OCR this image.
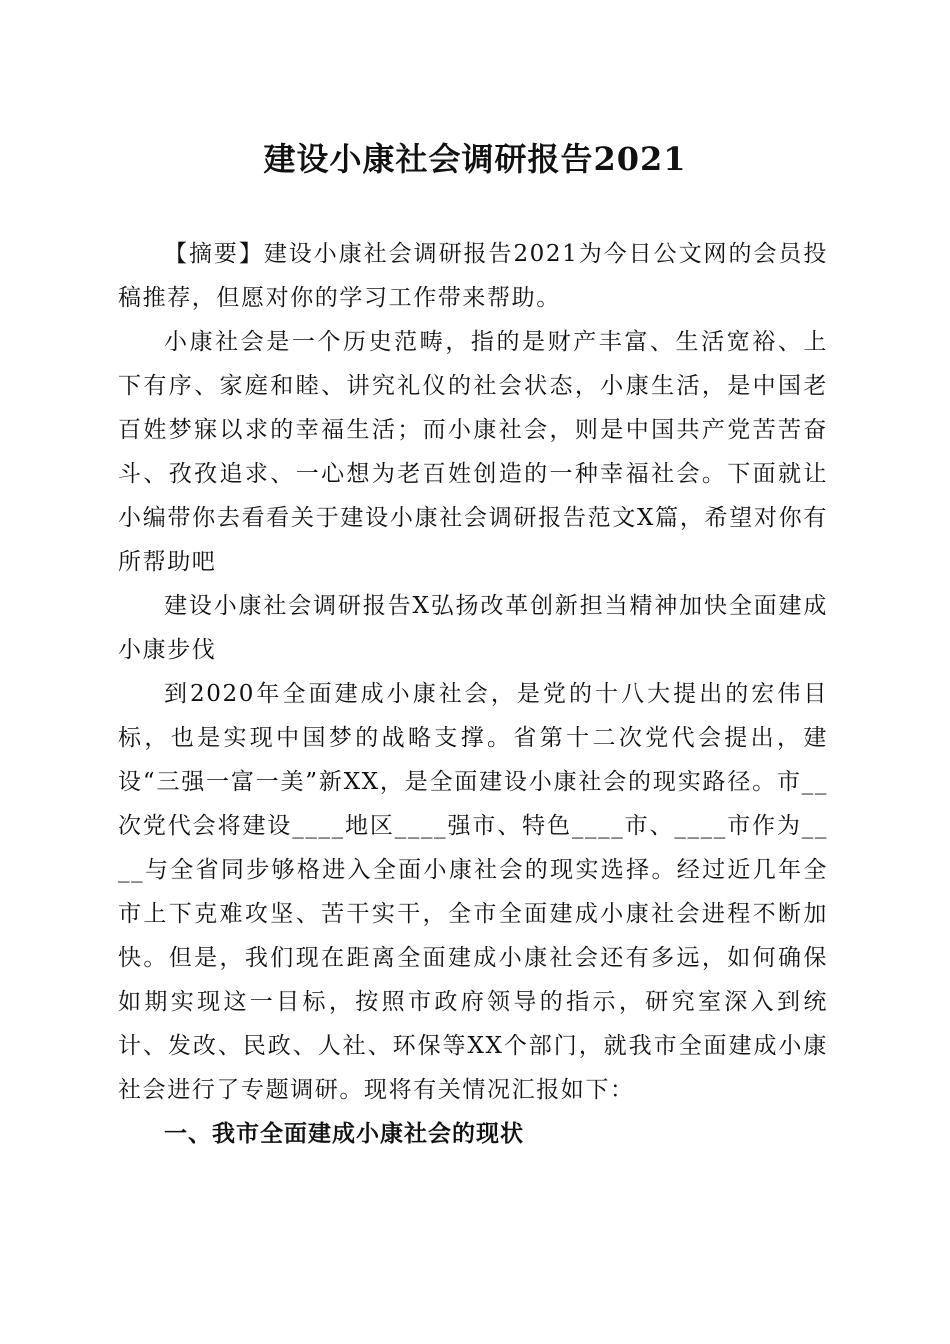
建设小康社会调研报告2021

【摘要】建设小康社会调研报告2021为今日公文网的会员投稿推荐，但愿对你的学习工作带来帮助。

小康社会是一个历史范畴，指的是财产丰富、生活宽裕、上下有序、家庭和睦、讲究礼仪的社会状态，小康生活，是中国老百姓梦寐以求的幸福生活；而小康社会，则是中国共产党苦苦奋斗、孜孜追求、一心想为老百姓创造的一种幸福社会。下面就让小编带你去看看关于建设小康社会调研报告范文X篇，希望对你有所帮助吧

建设小康社会调研报告X弘扬改革创新担当精神加快全面建成小康步伐

到2020年全面建成小康社会，是党的十八大提出的宏伟目标，也是实现中国梦的战略支撑。省第十二次党代会提出，建设“三强一富一美”新XX，是全面建设小康社会的现实路径。市__次党代会将建设____地区____强市、特色____市、____市作为____与全省同步够格进入全面小康社会的现实选择。经过近几年全市上下克难攻坚、苦干实干，全市全面建成小康社会进程不断加快。但是，我们现在距离全面建成小康社会还有多远，如何确保如期实现这一目标，按照市政府领导的指示，研究室深入到统计、发改、民政、人社、环保等XX个部门，就我市全面建成小康社会进行了专题调研。现将有关情况汇报如下：

一、我市全面建成小康社会的现状
